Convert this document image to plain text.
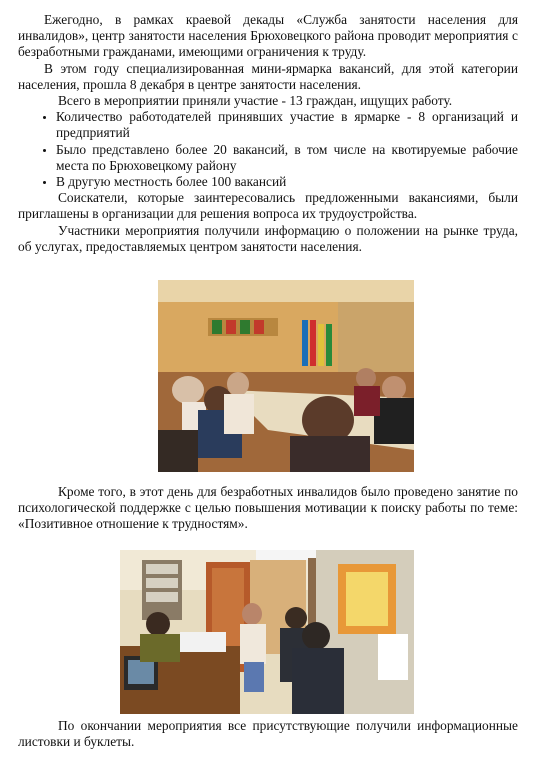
Ежегодно, в рамках краевой декады «Служба занятости населения для инвалидов», центр занятости населения Брюховецкого района проводит мероприятия с безработными гражданами, имеющими ограничения к труду.

В этом году специализированная мини-ярмарка вакансий, для этой категории населения, прошла 8 декабря в центре занятости населения.

Всего в мероприятии приняли участие - 13 граждан, ищущих работу.

• Количество работодателей принявших участие в ярмарке - 8 организаций и предприятий
• Было представлено более 20 вакансий, в том числе на квотируемые рабочие места по Брюховецкому району
• В другую местность более 100 вакансий

Соискатели, которые заинтересовались предложенными вакансиями, были приглашены в организации для решения вопроса их трудоустройства.

Участники мероприятия получили информацию о положении на рынке труда, об услугах, предоставляемых центром занятости населения.

Кроме того, в этот день для безработных инвалидов было проведено занятие по психологической поддержке с целью повышения мотивации к поиску работы по теме: «Позитивное отношение к трудностям».

По окончании мероприятия все присутствующие получили информационные листовки и буклеты.
